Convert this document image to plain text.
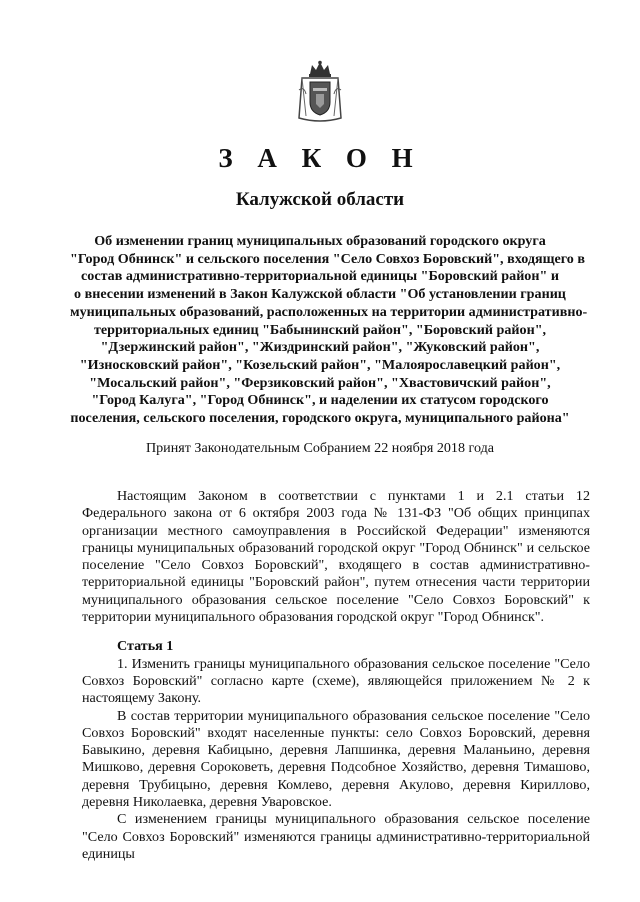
З А К О Н
Калужской области
Об изменении границ муниципальных образований городского округа
"Город Обнинск" и сельского поселения "Село Совхоз Боровский", входящего в
состав административно-территориальной единицы "Боровский район" и
о внесении изменений в Закон Калужской области "Об установлении границ
муниципальных образований, расположенных на территории административно-
территориальных единиц "Бабынинский район", "Боровский район",
"Дзержинский район", "Жиздринский район", "Жуковский район",
"Износковский район", "Козельский район", "Малоярославецкий район",
"Мосальский район", "Ферзиковский район", "Хвастовичский район",
"Город Калуга", "Город Обнинск", и наделении их статусом городского
поселения, сельского поселения, городского округа, муниципального района"
Принят Законодательным Собранием 22 ноября 2018 года

Настоящим Законом в соответствии с пунктами 1 и 2.1 статьи 12 Федерального закона от 6 октября 2003 года № 131-ФЗ "Об общих принципах организации местного самоуправления в Российской Федерации" изменяются границы муниципальных образований городской округ "Город Обнинск" и сельское поселение "Село Совхоз Боровский", входящего в состав административно-территориальной единицы "Боровский район", путем отнесения части территории муниципального образования сельское поселение "Село Совхоз Боровский" к территории муниципального образования городской округ "Город Обнинск".

Статья 1

1. Изменить границы муниципального образования сельское поселение "Село Совхоз Боровский" согласно карте (схеме), являющейся приложением № 2 к настоящему Закону.

В состав территории муниципального образования сельское поселение "Село Совхоз Боровский" входят населенные пункты: село Совхоз Боровский, деревня Бавыкино, деревня Кабицыно, деревня Лапшинка, деревня Маланьино, деревня Мишково, деревня Сороковеть, деревня Подсобное Хозяйство, деревня Тимашово, деревня Трубицыно, деревня Комлево, деревня Акулово, деревня Кириллово, деревня Николаевка, деревня Уваровское.

С изменением границы муниципального образования сельское поселение "Село Совхоз Боровский" изменяются границы административно-территориальной единицы
